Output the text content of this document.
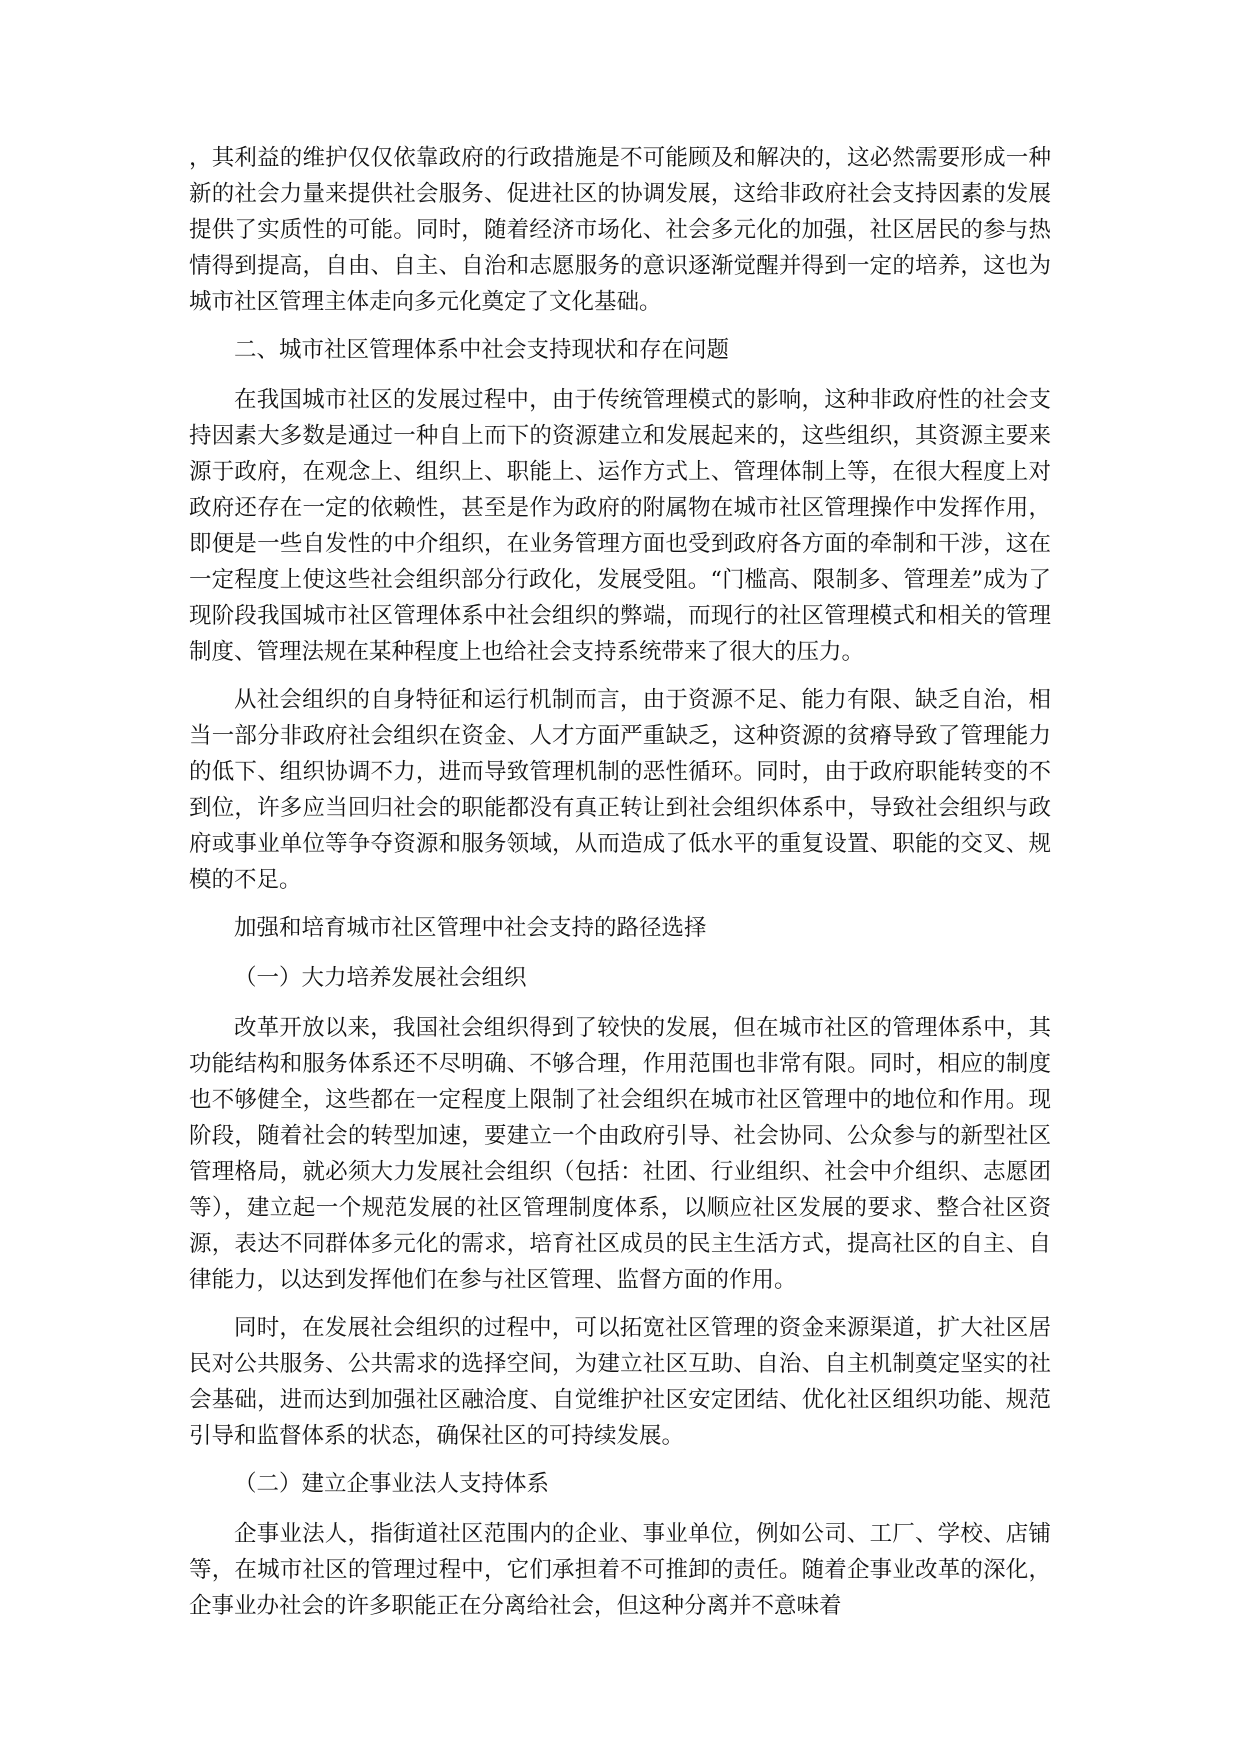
，其利益的维护仅仅依靠政府的行政措施是不可能顾及和解决的，这必然需要形成一种新的社会力量来提供社会服务、促进社区的协调发展，这给非政府社会支持因素的发展提供了实质性的可能。同时，随着经济市场化、社会多元化的加强，社区居民的参与热情得到提高，自由、自主、自治和志愿服务的意识逐渐觉醒并得到一定的培养，这也为城市社区管理主体走向多元化奠定了文化基础。

二、城市社区管理体系中社会支持现状和存在问题

在我国城市社区的发展过程中，由于传统管理模式的影响，这种非政府性的社会支持因素大多数是通过一种自上而下的资源建立和发展起来的，这些组织，其资源主要来源于政府，在观念上、组织上、职能上、运作方式上、管理体制上等，在很大程度上对政府还存在一定的依赖性，甚至是作为政府的附属物在城市社区管理操作中发挥作用，即便是一些自发性的中介组织，在业务管理方面也受到政府各方面的牵制和干涉，这在一定程度上使这些社会组织部分行政化，发展受阻。“门槛高、限制多、管理差”成为了现阶段我国城市社区管理体系中社会组织的弊端，而现行的社区管理模式和相关的管理制度、管理法规在某种程度上也给社会支持系统带来了很大的压力。

从社会组织的自身特征和运行机制而言，由于资源不足、能力有限、缺乏自治，相当一部分非政府社会组织在资金、人才方面严重缺乏，这种资源的贫瘠导致了管理能力的低下、组织协调不力，进而导致管理机制的恶性循环。同时，由于政府职能转变的不到位，许多应当回归社会的职能都没有真正转让到社会组织体系中，导致社会组织与政府或事业单位等争夺资源和服务领域，从而造成了低水平的重复设置、职能的交叉、规模的不足。

加强和培育城市社区管理中社会支持的路径选择

（一）大力培养发展社会组织

改革开放以来，我国社会组织得到了较快的发展，但在城市社区的管理体系中，其功能结构和服务体系还不尽明确、不够合理，作用范围也非常有限。同时，相应的制度也不够健全，这些都在一定程度上限制了社会组织在城市社区管理中的地位和作用。现阶段，随着社会的转型加速，要建立一个由政府引导、社会协同、公众参与的新型社区管理格局，就必须大力发展社会组织（包括：社团、行业组织、社会中介组织、志愿团等），建立起一个规范发展的社区管理制度体系，以顺应社区发展的要求、整合社区资源，表达不同群体多元化的需求，培育社区成员的民主生活方式，提高社区的自主、自律能力，以达到发挥他们在参与社区管理、监督方面的作用。

同时，在发展社会组织的过程中，可以拓宽社区管理的资金来源渠道，扩大社区居民对公共服务、公共需求的选择空间，为建立社区互助、自治、自主机制奠定坚实的社会基础，进而达到加强社区融洽度、自觉维护社区安定团结、优化社区组织功能、规范引导和监督体系的状态，确保社区的可持续发展。

（二）建立企事业法人支持体系

企事业法人，指街道社区范围内的企业、事业单位，例如公司、工厂、学校、店铺等，在城市社区的管理过程中，它们承担着不可推卸的责任。随着企事业改革的深化，企事业办社会的许多职能正在分离给社会，但这种分离并不意味着
